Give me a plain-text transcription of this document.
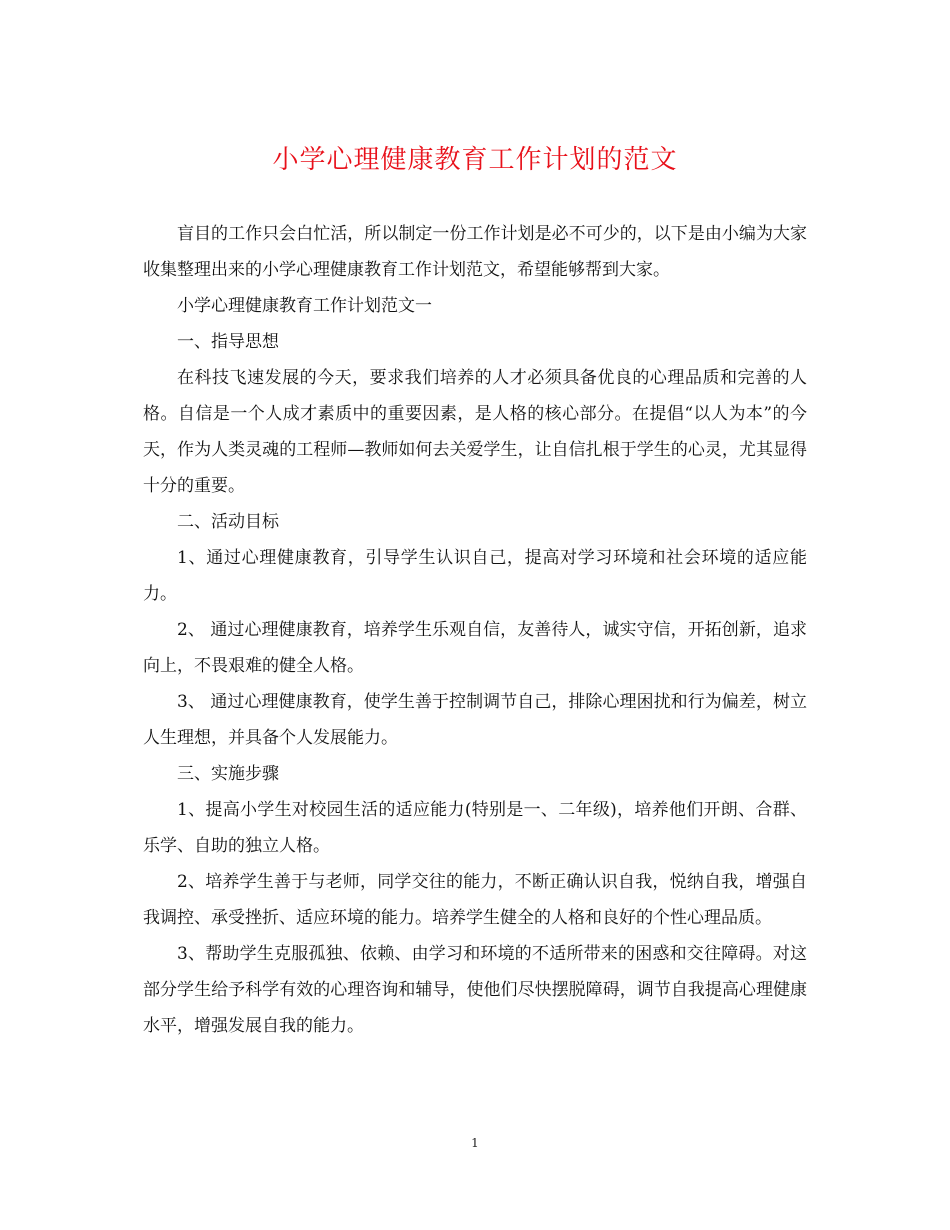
小学心理健康教育工作计划的范文

盲目的工作只会白忙活，所以制定一份工作计划是必不可少的，以下是由小编为大家收集整理出来的小学心理健康教育工作计划范文，希望能够帮到大家。

小学心理健康教育工作计划范文一

一、指导思想

在科技飞速发展的今天，要求我们培养的人才必须具备优良的心理品质和完善的人格。自信是一个人成才素质中的重要因素，是人格的核心部分。在提倡“以人为本”的今天，作为人类灵魂的工程师—教师如何去关爱学生，让自信扎根于学生的心灵，尤其显得十分的重要。

二、活动目标

1、通过心理健康教育，引导学生认识自己，提高对学习环境和社会环境的适应能力。

2、 通过心理健康教育，培养学生乐观自信，友善待人，诚实守信，开拓创新，追求向上，不畏艰难的健全人格。

3、 通过心理健康教育，使学生善于控制调节自己，排除心理困扰和行为偏差，树立人生理想，并具备个人发展能力。

三、实施步骤

1、提高小学生对校园生活的适应能力(特别是一、二年级)，培养他们开朗、合群、乐学、自助的独立人格。

2、培养学生善于与老师，同学交往的能力，不断正确认识自我，悦纳自我，增强自我调控、承受挫折、适应环境的能力。培养学生健全的人格和良好的个性心理品质。

3、帮助学生克服孤独、依赖、由学习和环境的不适所带来的困惑和交往障碍。对这部分学生给予科学有效的心理咨询和辅导，使他们尽快摆脱障碍，调节自我提高心理健康水平，增强发展自我的能力。

1
